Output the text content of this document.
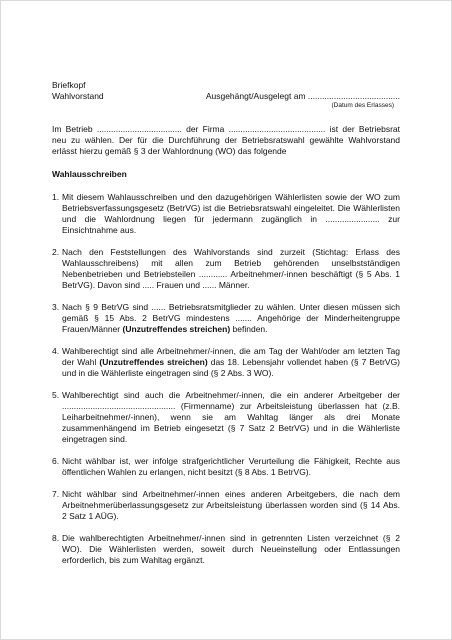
Briefkopf
Wahlvorstand	Ausgehängt/Ausgelegt am .......................................
(Datum des Erlasses)

Im Betrieb .................................... der Firma ......................................... ist der Betriebsrat neu zu wählen. Der für die Durchführung der Betriebsratswahl gewählte Wahlvorstand erlässt hierzu gemäß § 3 der Wahlordnung (WO) das folgende

Wahlausschreiben
1. Mit diesem Wahlausschreiben und den dazugehörigen Wählerlisten sowie der WO zum Betriebsverfassungsgesetz (BetrVG) ist die Betriebsratswahl eingeleitet. Die Wählerlisten und die Wahlordnung liegen für jedermann zugänglich in ....................... zur Einsichtnahme aus.
2. Nach den Feststellungen des Wahlvorstands sind zurzeit (Stichtag: Erlass des Wahlausschreibens) mit allen zum Betrieb gehörenden unselbstständigen Nebenbetrieben und Betriebsteilen ............ Arbeitnehmer/-innen beschäftigt (§ 5 Abs. 1 BetrVG). Davon sind ..... Frauen und ...... Männer.
3. Nach § 9 BetrVG sind ...... Betriebsratsmitglieder zu wählen. Unter diesen müssen sich gemäß § 15 Abs. 2 BetrVG mindestens ....... Angehörige der Minderheitengruppe Frauen/Männer (Unzutreffendes streichen) befinden.
4. Wahlberechtigt sind alle Arbeitnehmer/-innen, die am Tag der Wahl/oder am letzten Tag der Wahl (Unzutreffendes streichen) das 18. Lebensjahr vollendet haben (§ 7 BetrVG) und in die Wählerliste eingetragen sind (§ 2 Abs. 3 WO).
5. Wahlberechtigt sind auch die Arbeitnehmer/-innen, die ein anderer Arbeitgeber der ................................................ (Firmenname) zur Arbeitsleistung überlassen hat (z.B. Leiharbeitnehmer/-innen), wenn sie am Wahltag länger als drei Monate zusammenhängend im Betrieb eingesetzt (§ 7 Satz 2 BetrVG) und in die Wählerliste eingetragen sind.
6. Nicht wählbar ist, wer infolge strafgerichtlicher Verurteilung die Fähigkeit, Rechte aus öffentlichen Wahlen zu erlangen, nicht besitzt (§ 8 Abs. 1 BetrVG).
7. Nicht wählbar sind Arbeitnehmer/-innen eines anderen Arbeitgebers, die nach dem Arbeitnehmerüberlassungsgesetz zur Arbeitsleistung überlassen worden sind (§ 14 Abs. 2 Satz 1 AÜG).
8. Die wahlberechtigten Arbeitnehmer/-innen sind in getrennten Listen verzeichnet (§ 2 WO). Die Wählerlisten werden, soweit durch Neueinstellung oder Entlassungen erforderlich, bis zum Wahltag ergänzt.
